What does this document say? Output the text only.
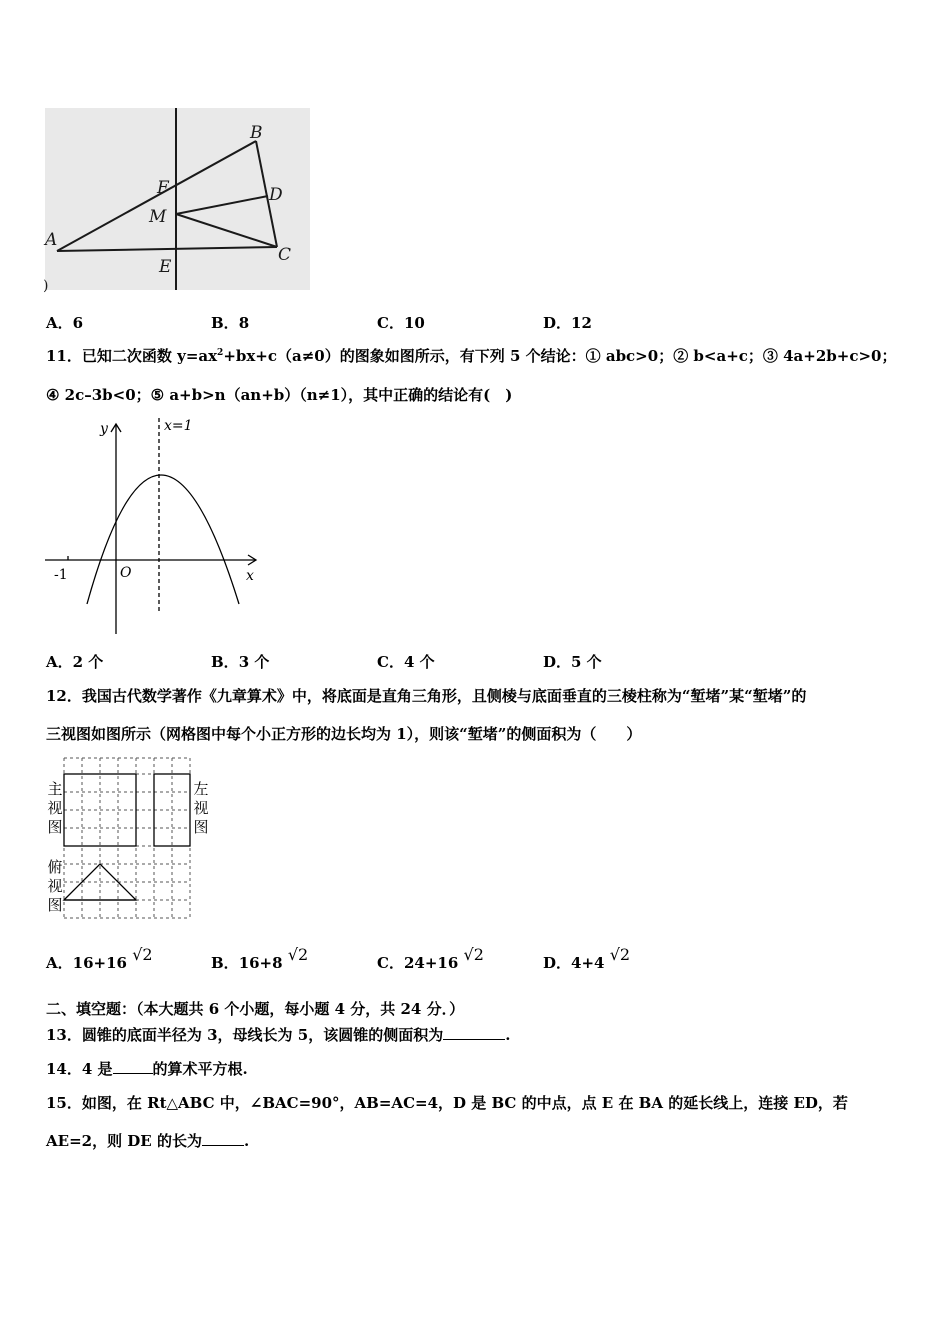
A
B
C
D
E
F
M
)
A．6	B．8	C．10	D．12
11．已知二次函数 $y=ax^2+bx+c(a\ne 0)$的图象如图所示，有下列 5 个结论：① abc>0；② b<a+c；③ 4a+2b+c>0；
④ 2c–3b<0；⑤ a+b>n（an+b）（n≠1），其中正确的结论有(　)
y
x
O
-1
x=1
A．2 个	B．3 个	C．4 个	D．5 个
12．我国古代数学著作《九章算术》中，将底面是直角三角形，且侧棱与底面垂直的三棱柱称为“堑堵”某“堑堵”的
三视图如图所示（网格图中每个小正方形的边长均为 1），则该“堑堵”的侧面积为（　　）
主
视
图
左
视
图
俯
视
图
A．16+16 √2	B．16+8 √2	C．24+16 √2	D．4+4 √2
二、填空题：（本大题共 6 个小题，每小题 4 分，共 24 分．）
13．圆锥的底面半径为 3，母线长为 5，该圆锥的侧面积为	.
14．4 是	的算术平方根.
15．如图，在 Rt△ABC 中，∠BAC=90°，AB=AC=4，D 是 BC 的中点，点 E 在 BA 的延长线上，连接 ED，若
AE=2，则 DE 的长为	.
